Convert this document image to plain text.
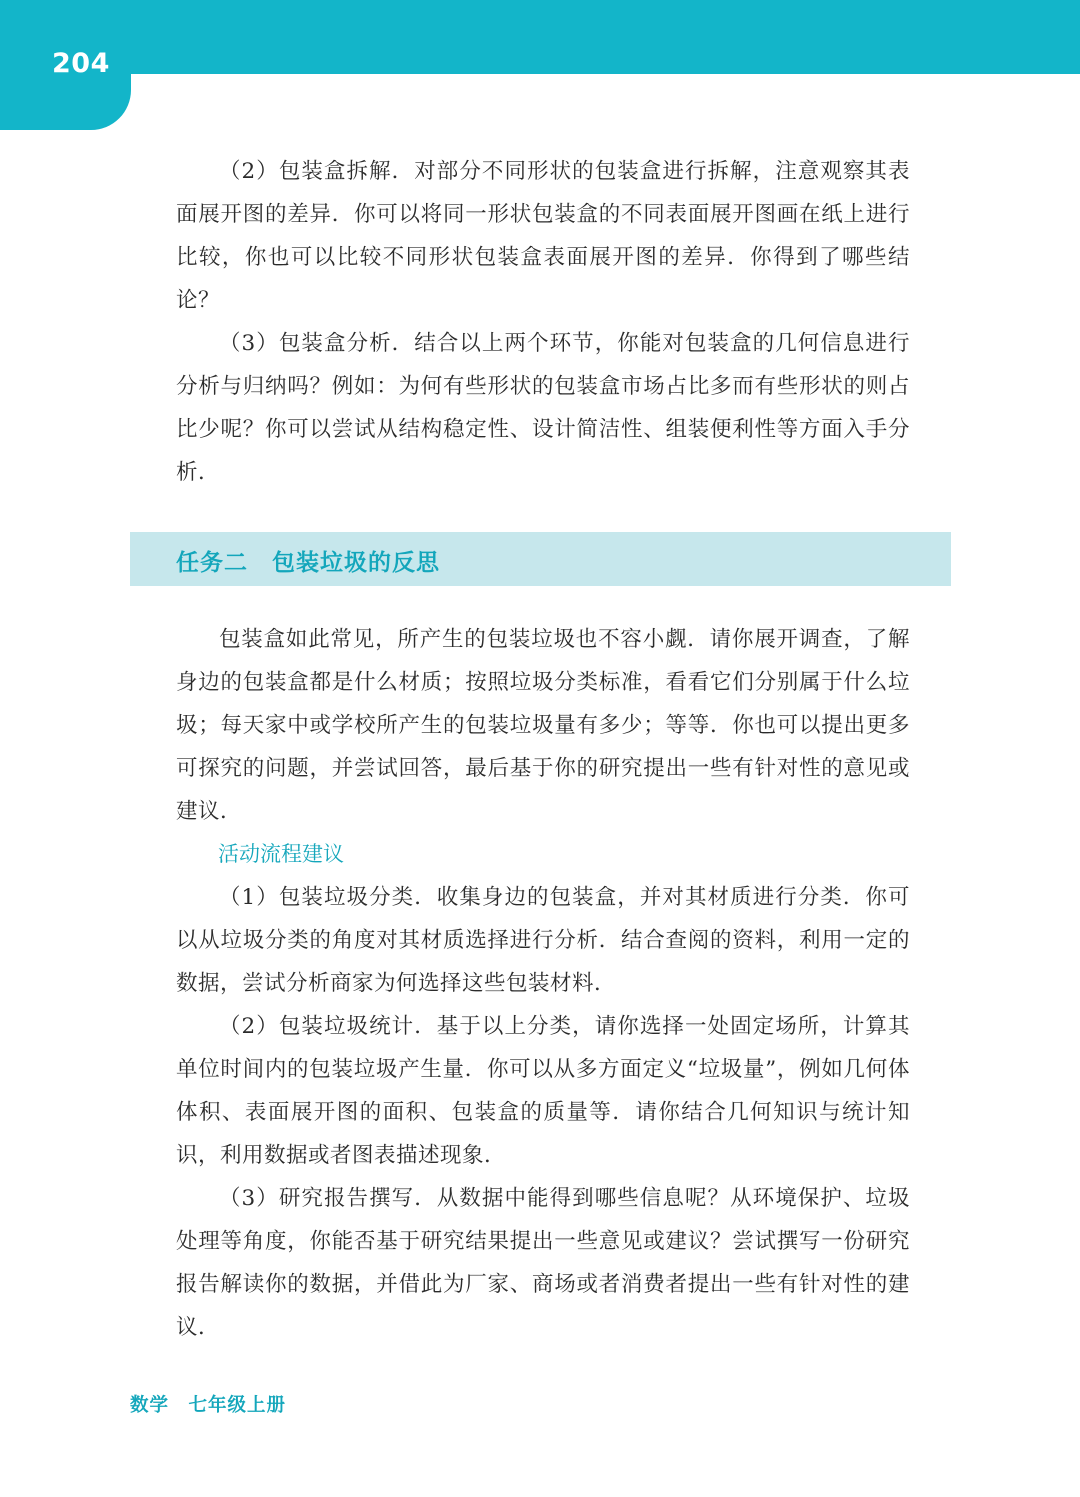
204

（2）包装盒拆解．对部分不同形状的包装盒进行拆解，注意观察其表面展开图的差异．你可以将同一形状包装盒的不同表面展开图画在纸上进行比较，你也可以比较不同形状包装盒表面展开图的差异．你得到了哪些结论？

（3）包装盒分析．结合以上两个环节，你能对包装盒的几何信息进行分析与归纳吗？例如：为何有些形状的包装盒市场占比多而有些形状的则占比少呢？你可以尝试从结构稳定性、设计简洁性、组装便利性等方面入手分析．

任务二　包装垃圾的反思

包装盒如此常见，所产生的包装垃圾也不容小觑．请你展开调查，了解身边的包装盒都是什么材质；按照垃圾分类标准，看看它们分别属于什么垃圾；每天家中或学校所产生的包装垃圾量有多少；等等．你也可以提出更多可探究的问题，并尝试回答，最后基于你的研究提出一些有针对性的意见或建议．

活动流程建议

（1）包装垃圾分类．收集身边的包装盒，并对其材质进行分类．你可以从垃圾分类的角度对其材质选择进行分析．结合查阅的资料，利用一定的数据，尝试分析商家为何选择这些包装材料．

（2）包装垃圾统计．基于以上分类，请你选择一处固定场所，计算其单位时间内的包装垃圾产生量．你可以从多方面定义“垃圾量”，例如几何体体积、表面展开图的面积、包装盒的质量等．请你结合几何知识与统计知识，利用数据或者图表描述现象．

（3）研究报告撰写．从数据中能得到哪些信息呢？从环境保护、垃圾处理等角度，你能否基于研究结果提出一些意见或建议？尝试撰写一份研究报告解读你的数据，并借此为厂家、商场或者消费者提出一些有针对性的建议．

数学　七年级上册
